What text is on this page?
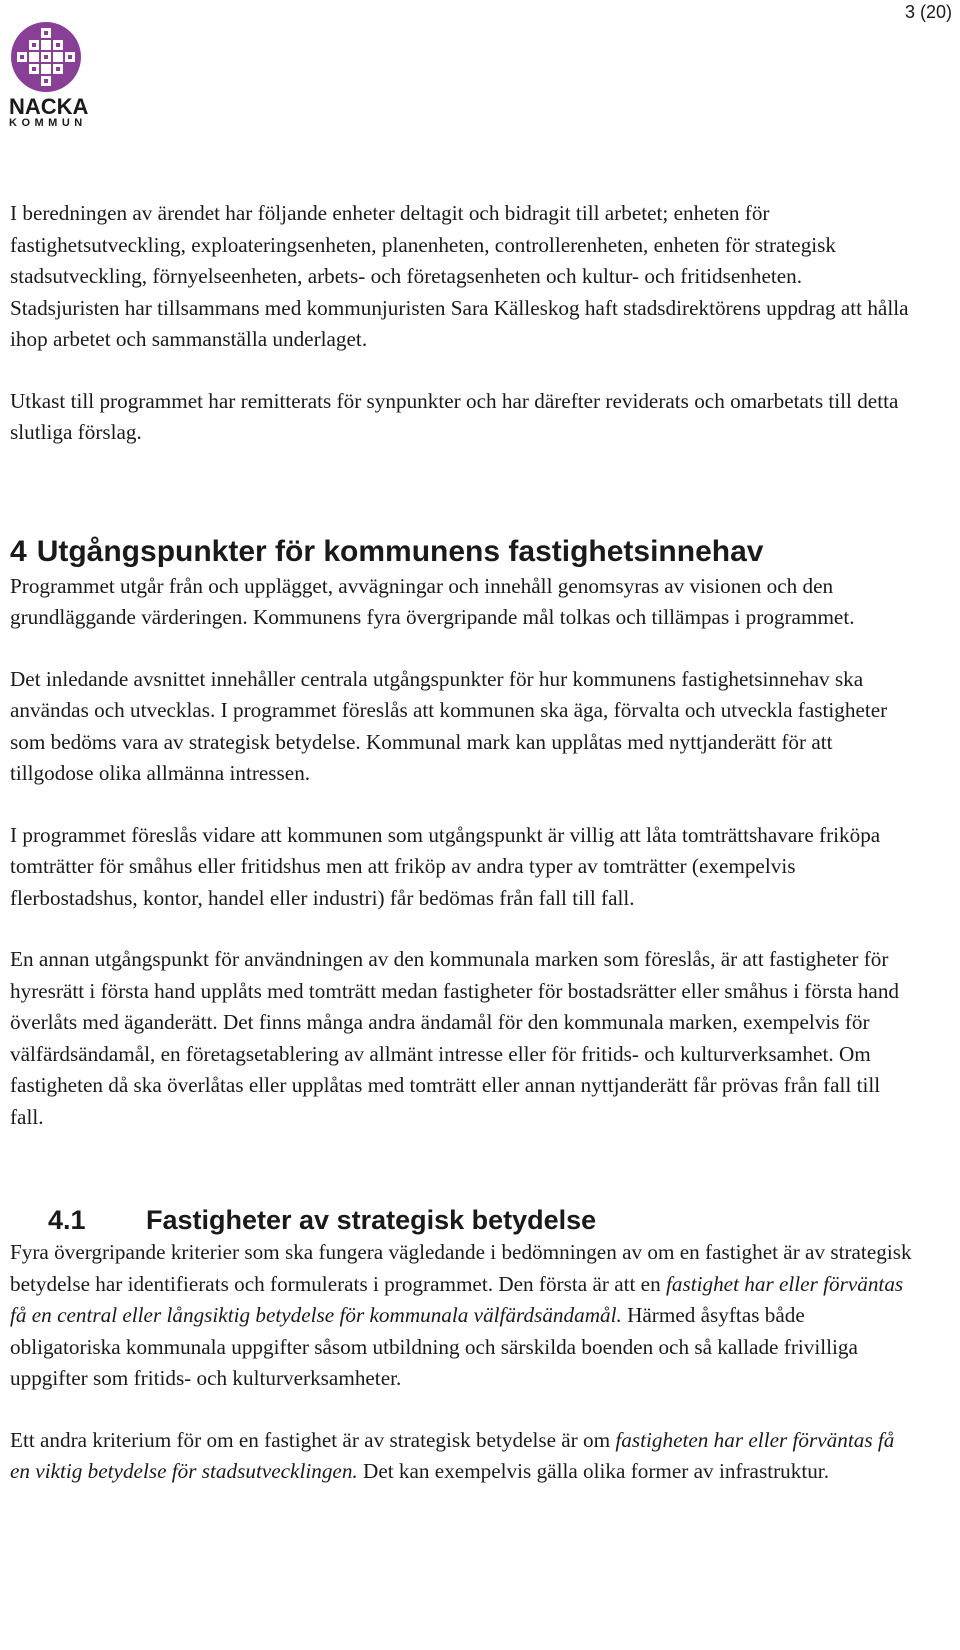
3 (20)
NACKA
KOMMUN

I beredningen av ärendet har följande enheter deltagit och bidragit till arbetet; enheten för fastighetsutveckling, exploateringsenheten, planenheten, controllerenheten, enheten för strategisk stadsutveckling, förnyelseenheten, arbets- och företagsenheten och kultur- och fritidsenheten. Stadsjuristen har tillsammans med kommunjuristen Sara Källeskog haft stadsdirektörens uppdrag att hålla ihop arbetet och sammanställa underlaget.

Utkast till programmet har remitterats för synpunkter och har därefter reviderats och omarbetats till detta slutliga förslag.

4 Utgångspunkter för kommunens fastighetsinnehav

Programmet utgår från och upplägget, avvägningar och innehåll genomsyras av visionen och den grundläggande värderingen. Kommunens fyra övergripande mål tolkas och tillämpas i programmet.

Det inledande avsnittet innehåller centrala utgångspunkter för hur kommunens fastighetsinnehav ska användas och utvecklas. I programmet föreslås att kommunen ska äga, förvalta och utveckla fastigheter som bedöms vara av strategisk betydelse. Kommunal mark kan upplåtas med nyttjanderätt för att tillgodose olika allmänna intressen.

I programmet föreslås vidare att kommunen som utgångspunkt är villig att låta tomträttshavare friköpa tomträtter för småhus eller fritidshus men att friköp av andra typer av tomträtter (exempelvis flerbostadshus, kontor, handel eller industri) får bedömas från fall till fall.

En annan utgångspunkt för användningen av den kommunala marken som föreslås, är att fastigheter för hyresrätt i första hand upplåts med tomträtt medan fastigheter för bostadsrätter eller småhus i första hand överlåts med äganderätt. Det finns många andra ändamål för den kommunala marken, exempelvis för välfärdsändamål, en företagsetablering av allmänt intresse eller för fritids- och kulturverksamhet. Om fastigheten då ska överlåtas eller upplåtas med tomträtt eller annan nyttjanderätt får prövas från fall till fall.

4.1 Fastigheter av strategisk betydelse

Fyra övergripande kriterier som ska fungera vägledande i bedömningen av om en fastighet är av strategisk betydelse har identifierats och formulerats i programmet. Den första är att en fastighet har eller förväntas få en central eller långsiktig betydelse för kommunala välfärdsändamål. Härmed åsyftas både obligatoriska kommunala uppgifter såsom utbildning och särskilda boenden och så kallade frivilliga uppgifter som fritids- och kulturverksamheter.

Ett andra kriterium för om en fastighet är av strategisk betydelse är om fastigheten har eller förväntas få en viktig betydelse för stadsutvecklingen. Det kan exempelvis gälla olika former av infrastruktur.
